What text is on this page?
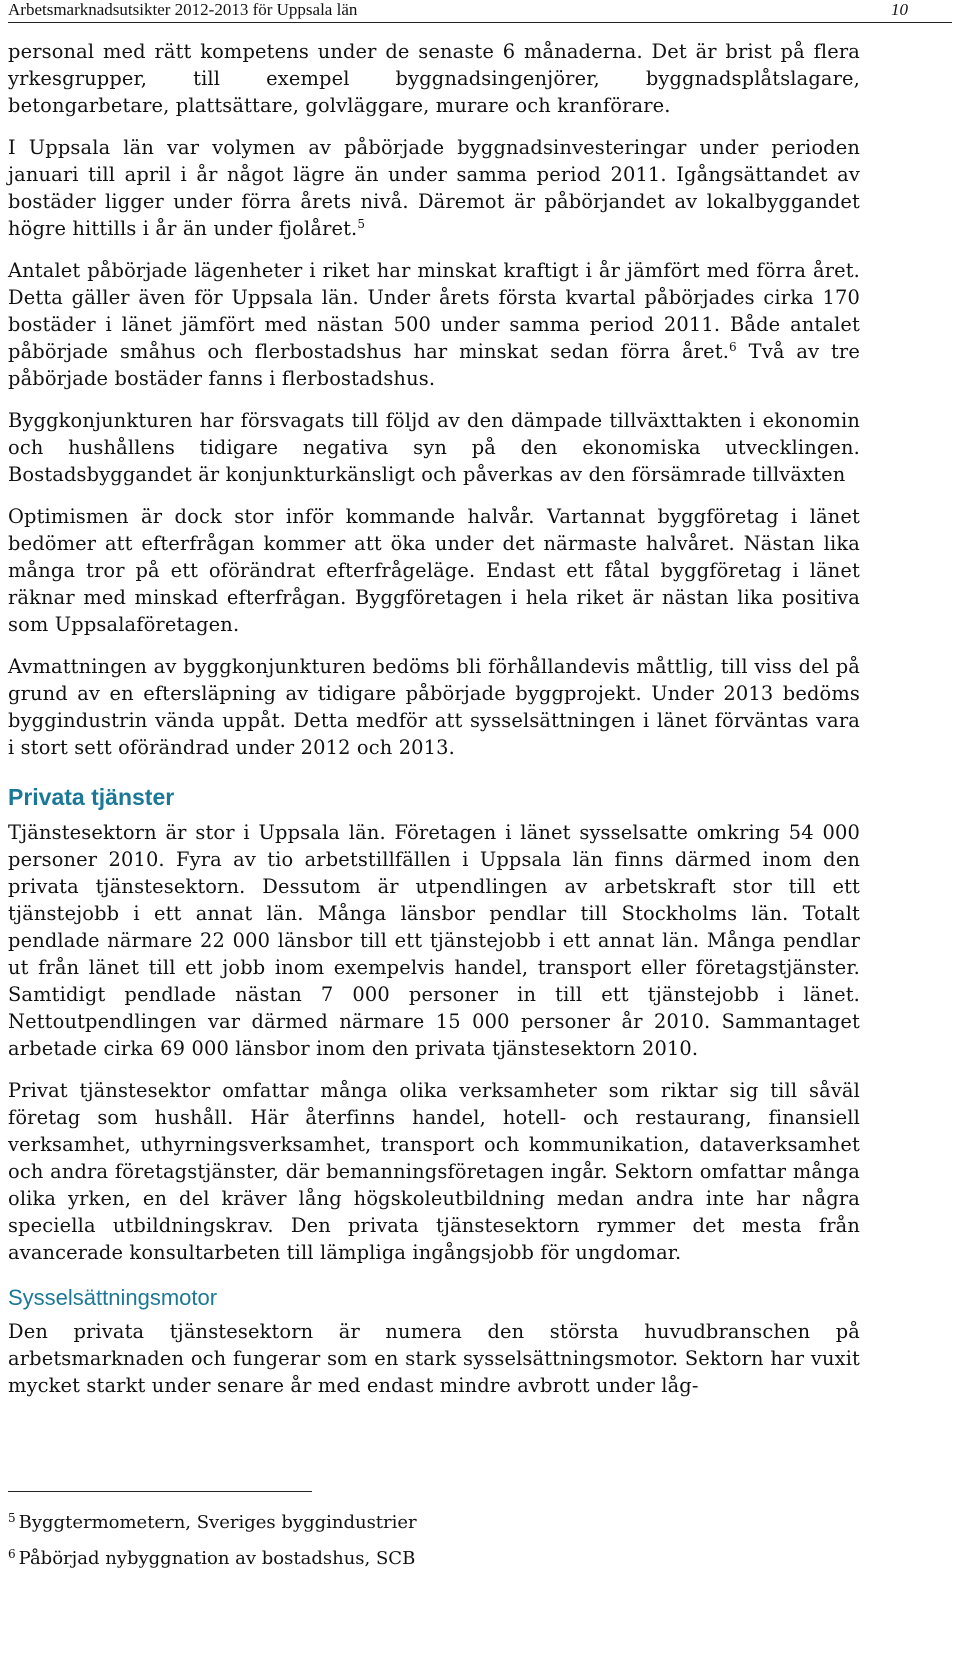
Arbetsmarknadsutsikter 2012-2013 för Uppsala län	10

personal med rätt kompetens under de senaste 6 månaderna. Det är brist på flera yrkesgrupper, till exempel byggnadsingenjörer, byggnadsplåtslagare, betongarbetare, plattsättare, golvläggare, murare och kranförare.

I Uppsala län var volymen av påbörjade byggnadsinvesteringar under perioden januari till april i år något lägre än under samma period 2011. Igångsättandet av bostäder ligger under förra årets nivå. Däremot är påbörjandet av lokalbyggandet högre hittills i år än under fjolåret.$^5$

Antalet påbörjade lägenheter i riket har minskat kraftigt i år jämfört med förra året. Detta gäller även för Uppsala län. Under årets första kvartal påbörjades cirka 170 bostäder i länet jämfört med nästan 500 under samma period 2011. Både antalet påbörjade småhus och flerbostadshus har minskat sedan förra året.$^6$ Två av tre påbörjade bostäder fanns i flerbostadshus.

Byggkonjunkturen har försvagats till följd av den dämpade tillväxttakten i ekonomin och hushållens tidigare negativa syn på den ekonomiska utvecklingen. Bostadsbyggandet är konjunkturkänsligt och påverkas av den försämrade tillväxten

Optimismen är dock stor inför kommande halvår. Vartannat byggföretag i länet bedömer att efterfrågan kommer att öka under det närmaste halvåret. Nästan lika många tror på ett oförändrat efterfrågeläge. Endast ett fåtal byggföretag i länet räknar med minskad efterfrågan. Byggföretagen i hela riket är nästan lika positiva som Uppsalaföretagen.

Avmattningen av byggkonjunkturen bedöms bli förhållandevis måttlig, till viss del på grund av en eftersläpning av tidigare påbörjade byggprojekt. Under 2013 bedöms byggindustrin vända uppåt. Detta medför att sysselsättningen i länet förväntas vara i stort sett oförändrad under 2012 och 2013.

Privata tjänster

Tjänstesektorn är stor i Uppsala län. Företagen i länet sysselsatte omkring 54 000 personer 2010. Fyra av tio arbetstillfällen i Uppsala län finns därmed inom den privata tjänstesektorn. Dessutom är utpendlingen av arbetskraft stor till ett tjänstejobb i ett annat län. Många länsbor pendlar till Stockholms län. Totalt pendlade närmare 22 000 länsbor till ett tjänstejobb i ett annat län. Många pendlar ut från länet till ett jobb inom exempelvis handel, transport eller företagstjänster. Samtidigt pendlade nästan 7 000 personer in till ett tjänstejobb i länet. Nettoutpendlingen var därmed närmare 15 000 personer år 2010. Sammantaget arbetade cirka 69 000 länsbor inom den privata tjänstesektorn 2010.

Privat tjänstesektor omfattar många olika verksamheter som riktar sig till såväl företag som hushåll. Här återfinns handel, hotell- och restaurang, finansiell verksamhet, uthyrningsverksamhet, transport och kommunikation, dataverksamhet och andra företagstjänster, där bemanningsföretagen ingår. Sektorn omfattar många olika yrken, en del kräver lång högskoleutbildning medan andra inte har några speciella utbildningskrav. Den privata tjänstesektorn rymmer det mesta från avancerade konsultarbeten till lämpliga ingångsjobb för ungdomar.

Sysselsättningsmotor

Den privata tjänstesektorn är numera den största huvudbranschen på arbetsmarknaden och fungerar som en stark sysselsättningsmotor. Sektorn har vuxit mycket starkt under senare år med endast mindre avbrott under låg-

$^5$ Byggtermometern, Sveriges byggindustrier
$^6$ Påbörjad nybyggnation av bostadshus, SCB
